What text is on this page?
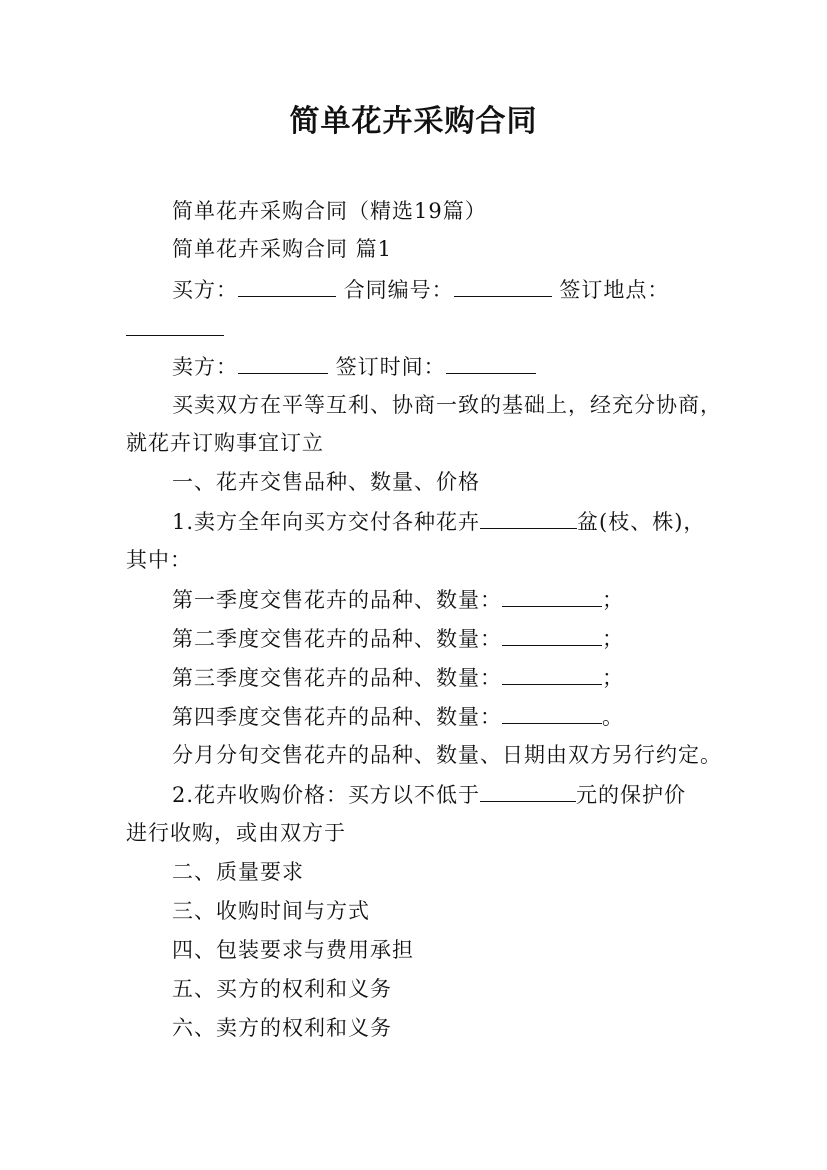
简单花卉采购合同
简单花卉采购合同（精选19篇）
简单花卉采购合同 篇1
买方：	合同编号：	签订地点：
卖方：	签订时间：
买卖双方在平等互利、协商一致的基础上，经充分协商，
就花卉订购事宜订立
一、花卉交售品种、数量、价格
1.卖方全年向买方交付各种花卉	盆(枝、株)，
其中：
第一季度交售花卉的品种、数量：	；
第二季度交售花卉的品种、数量：	；
第三季度交售花卉的品种、数量：	；
第四季度交售花卉的品种、数量：	。
分月分旬交售花卉的品种、数量、日期由双方另行约定。
2.花卉收购价格：买方以不低于	元的保护价
进行收购，或由双方于
二、质量要求
三、收购时间与方式
四、包装要求与费用承担
五、买方的权利和义务
六、卖方的权利和义务
